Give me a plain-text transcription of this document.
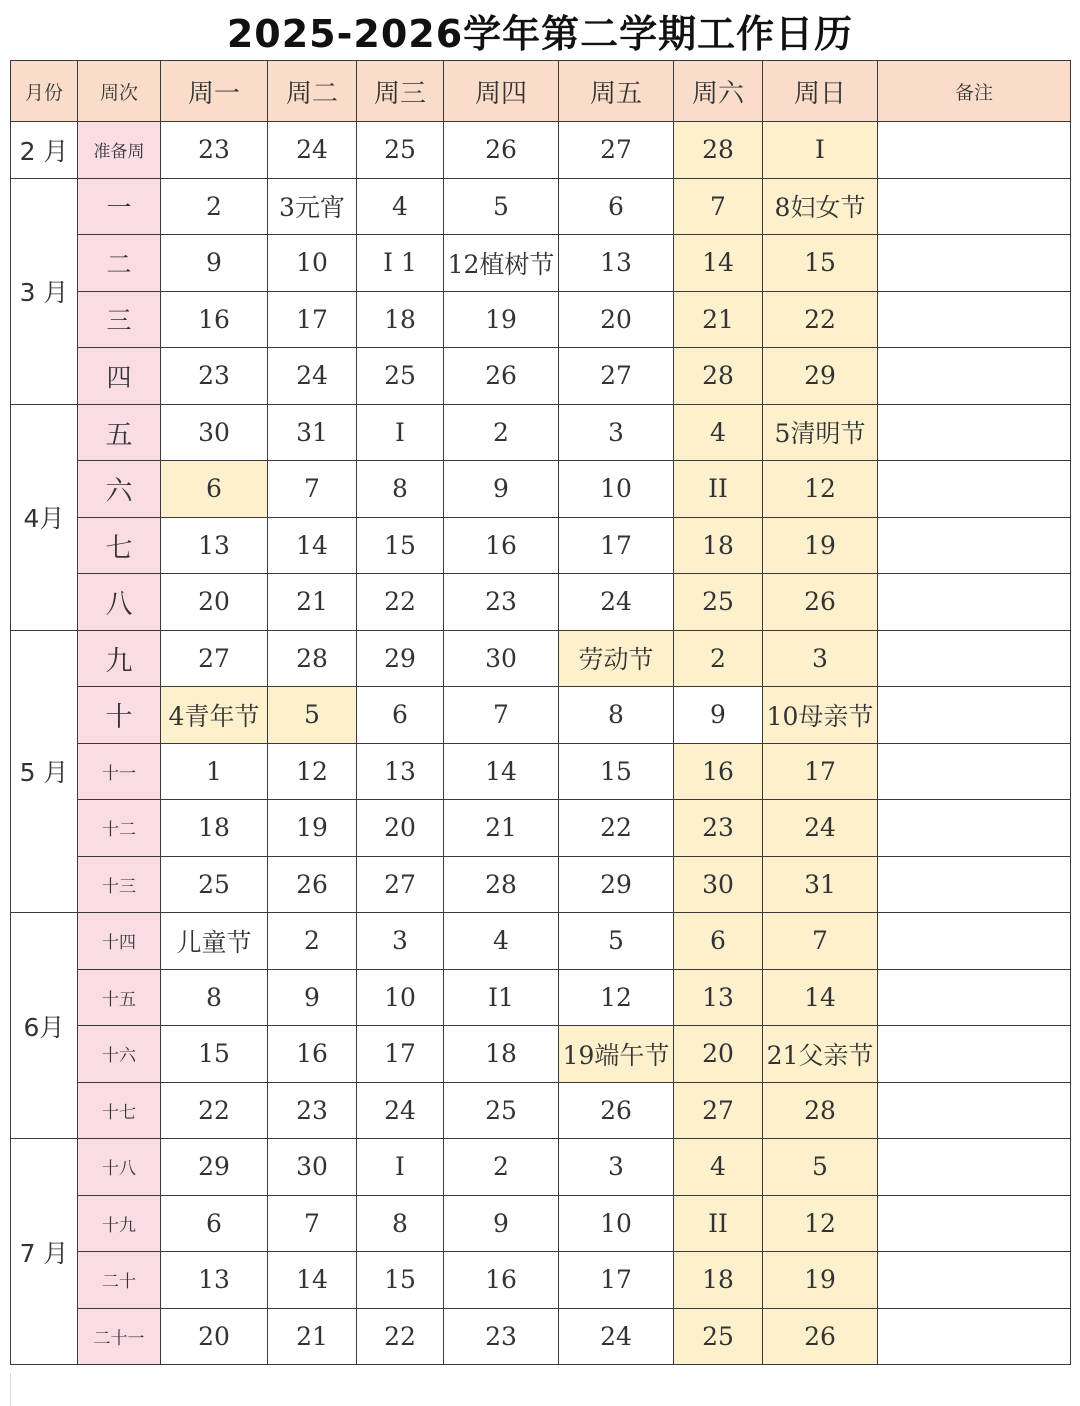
2025-2026学年第二学期工作日历
月份	周次	周一	周二	周三	周四	周五	周六	周日	备注
2 月	准备周	23	24	25	26	27	28	I	
3 月	一	2	3元宵	4	5	6	7	8妇女节	
	二	9	10	I 1	12植树节	13	14	15	
	三	16	17	18	19	20	21	22	
	四	23	24	25	26	27	28	29	
4月	五	30	31	I	2	3	4	5清明节	
	六	6	7	8	9	10	II	12	
	七	13	14	15	16	17	18	19	
	八	20	21	22	23	24	25	26	
5 月	九	27	28	29	30	劳动节	2	3	
	十	4青年节	5	6	7	8	9	10母亲节	
	十一	1	12	13	14	15	16	17	
	十二	18	19	20	21	22	23	24	
	十三	25	26	27	28	29	30	31	
6月	十四	儿童节	2	3	4	5	6	7	
	十五	8	9	10	I1	12	13	14	
	十六	15	16	17	18	19端午节	20	21父亲节	
	十七	22	23	24	25	26	27	28	
7 月	十八	29	30	I	2	3	4	5	
	十九	6	7	8	9	10	II	12	
	二十	13	14	15	16	17	18	19	
	二十一	20	21	22	23	24	25	26	
